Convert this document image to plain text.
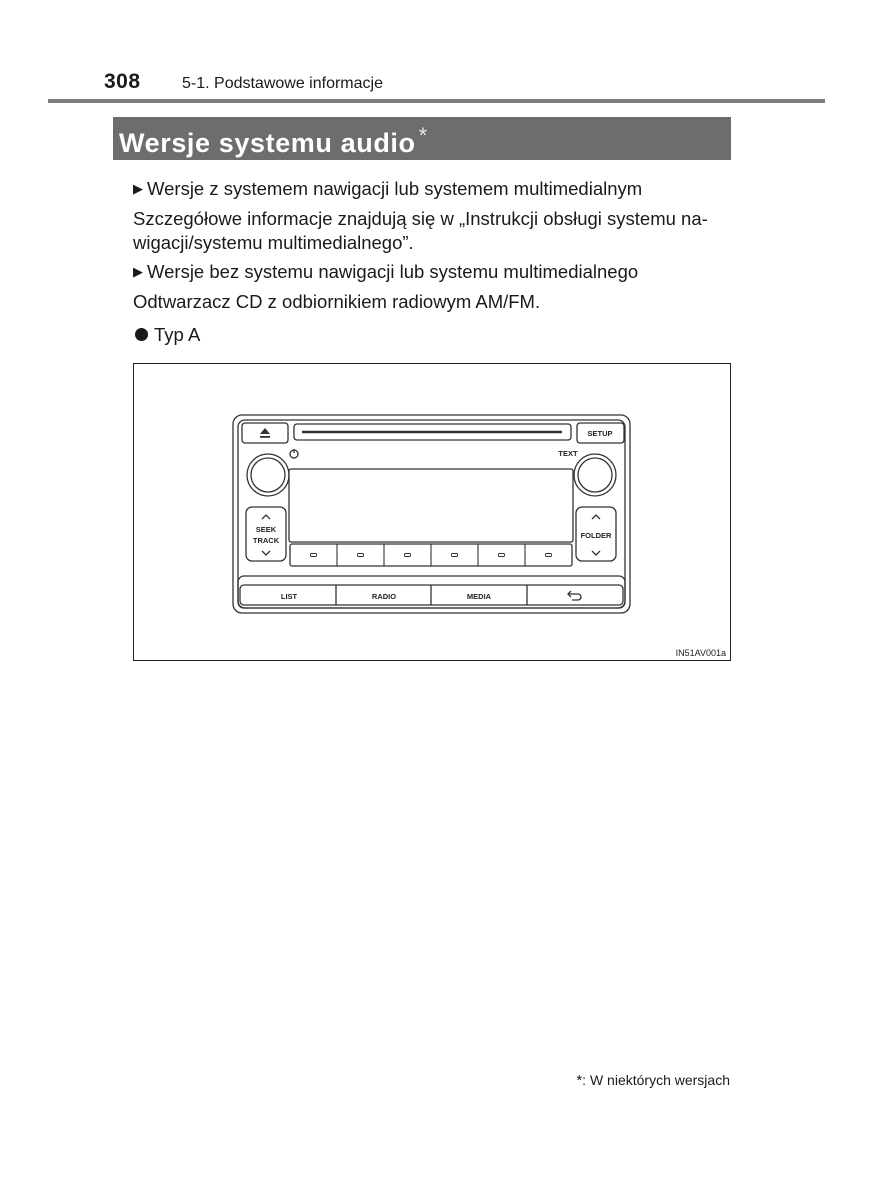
308	5-1. Podstawowe informacje
Wersje systemu audio *
▶ Wersje z systemem nawigacji lub systemem multimedialnym
Szczegółowe informacje znajdują się w „Instrukcji obsługi systemu na-
wigacji/systemu multimedialnego”.
▶ Wersje bez systemu nawigacji lub systemu multimedialnego
Odtwarzacz CD z odbiornikiem radiowym AM/FM.
Typ A
SETUP
TEXT
SEEK
TRACK
FOLDER
LIST	RADIO	MEDIA
IN51AV001a
*: W niektórych wersjach
